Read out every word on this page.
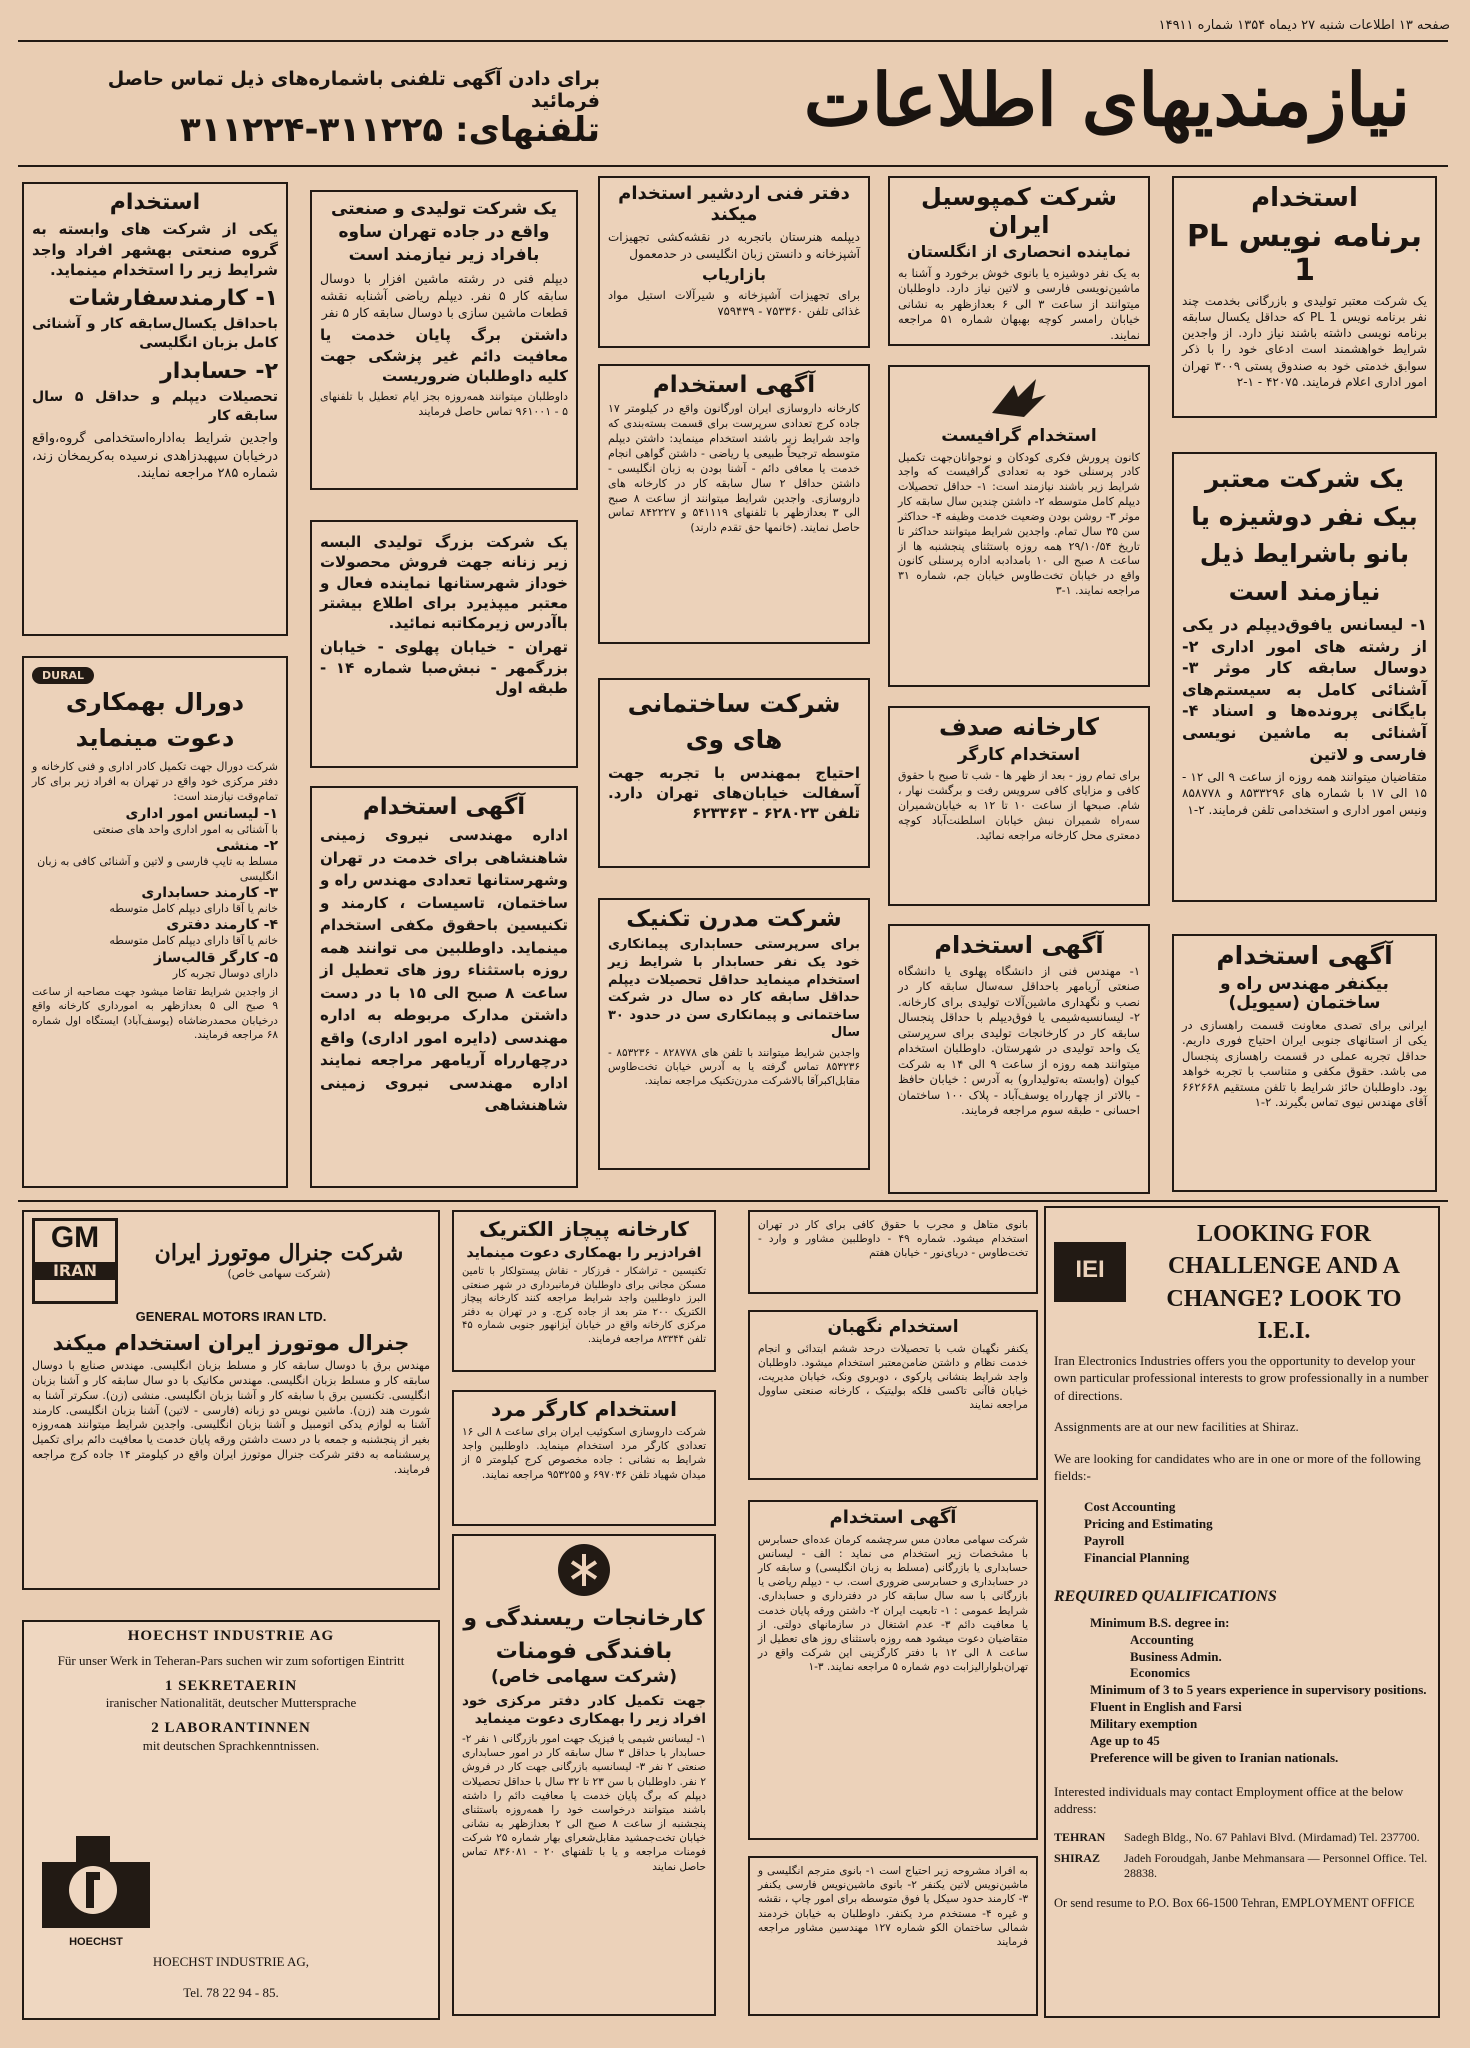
صفحه ۱۳ اطلاعات شنبه ۲۷ دیماه ۱۳۵۴ شماره ۱۴۹۱۱
نیازمندیهای اطلاعات
برای دادن آگهی تلفنی باشماره‌های ذیل تماس حاصل فرمائید
تلفنهای: ۳۱۱۲۲۵-۳۱۱۲۲۴
استخدام
برنامه نویس PL 1
یک شرکت معتبر تولیدی و بازرگانی بخدمت چند نفر برنامه نویس PL 1 که حداقل یکسال سابقه برنامه نویسی داشته باشند نیاز دارد. از واجدین شرایط خواهشمند است ادعای خود را با ذکر سوابق خدمتی خود به صندوق پستی ۳۰۰۹ تهران امور اداری اعلام فرمایند. ۴۲۰۷۵ - ۱-۲
یک شرکت معتبر بیک نفر دوشیزه یا بانو باشرایط ذیل نیازمند است
۱- لیسانس یافوق‌دیپلم در یکی از رشته های امور اداری ۲- دوسال سابقه کار موثر ۳- آشنائی کامل به سیستم‌های بایگانی پرونده‌ها و اسناد ۴- آشنائی به ماشین نویسی فارسی و لاتین
متقاضیان میتوانند همه روزه از ساعت ۹ الی ۱۲ - ۱۵ الی ۱۷ با شماره های ۸۵۳۳۲۹۶ و ۸۵۸۷۷۸ ونیس امور اداری و استخدامی تلفن فرمایند. ۲-۱
آگهی استخدام
بیکنفر مهندس راه و ساختمان (سیویل)
ایرانی برای تصدی معاونت قسمت راهسازی در یکی از استانهای جنوبی ایران احتیاج فوری داریم. حداقل تجربه عملی در قسمت راهسازی پنجسال می باشد. حقوق مکفی و متناسب با تجربه خواهد بود. داوطلبان حائز شرایط با تلفن مستقیم ۶۶۲۶۶۸ آقای مهندس نیوی تماس بگیرند. ۲-۱
شرکت کمپوسیل ایران
نماینده انحصاری از انگلستان
به یک نفر دوشیزه یا بانوی خوش برخورد و آشنا به ماشین‌نویسی فارسی و لاتین نیاز دارد. داوطلبان میتوانند از ساعت ۳ الی ۶ بعدازظهر به نشانی خیابان رامسر کوچه بهبهان شماره ۵۱ مراجعه نمایند.
استخدام گرافیست
کانون پرورش فکری کودکان و نوجوانان‌جهت تکمیل کادر پرسنلی خود به تعدادی گرافیست که واجد شرایط زیر باشند نیازمند است: ۱- حداقل تحصیلات دیپلم کامل متوسطه ۲- داشتن چندین سال سابقه کار موثر ۳- روشن بودن وضعیت خدمت وظیفه ۴- حداکثر سن ۳۵ سال تمام. واجدین شرایط میتوانند حداکثر تا تاریخ ۲۹/۱۰/۵۴ همه روزه باستثنای پنجشنبه ها از ساعت ۸ صبح الی ۱۰ بامدادبه اداره پرسنلی کانون واقع در خیابان تخت‌طاوس خیابان جم، شماره ۳۱ مراجعه نمایند. ۱-۳
کارخانه صدف
استخدام کارگر
برای تمام روز - بعد از ظهر ها - شب تا صبح با حقوق کافی و مزایای کافی سرویس رفت و برگشت نهار ، شام. صبحها از ساعت ۱۰ تا ۱۲ به خیابان‌شمیران سه‌راه شمیران نبش خیابان ‌اسلطنت‌آباد کوچه دمعتری محل کارخانه مراجعه نمائید.
آگهی استخدام
۱- مهندس فنی از دانشگاه پهلوی یا دانشگاه صنعتی آریامهر باحداقل سه‌سال سابقه کار در نصب و نگهداری ماشین‌آلات تولیدی برای کارخانه. ۲- لیسانسیه‌شیمی یا فوق‌دیپلم با حداقل پنجسال سابقه کار در کارخانجات تولیدی برای سرپرستی یک واحد تولیدی در شهرستان. داوطلبان استخدام میتوانند همه روزه از ساعت ۹ الی ۱۴ به شرکت کیوان (وابسته به‌تولیدارو) به آدرس : خیابان حافظ - بالاتر از چهارراه یوسف‌آباد - پلاک ۱۰۰ ساختمان احسانی - طبقه سوم مراجعه فرمایند.
دفتر فنی اردشیر استخدام میکند
دیپلمه هنرستان باتجربه در نقشه‌کشی تجهیزات آشپزخانه و دانستن زبان انگلیسی در حدمعمول
بازاریاب
برای تجهیزات آشپزخانه و شیرآلات استیل مواد غذائی تلفن ۷۵۳۳۶۰ - ۷۵۹۴۳۹
آگهی استخدام
کارخانه داروسازی ایران اورگانون واقع در کیلومتر ۱۷ جاده کرج تعدادی سرپرست برای قسمت بسته‌بندی که واجد شرایط زیر باشند استخدام مینماید: داشتن دیپلم متوسطه ترجیحاً طبیعی یا ریاضی - داشتن گواهی انجام خدمت یا معافی دائم - آشنا بودن به زبان انگلیسی - داشتن حداقل ۲ سال سابقه کار در کارخانه های داروسازی. واجدین شرایط میتوانند از ساعت ۸ صبح الی ۳ بعدازظهر با تلفنهای ۵۴۱۱۱۹ و ۸۴۲۲۲۷ تماس حاصل نمایند. (خانمها حق تقدم دارند)
شرکت ساختمانی های وی
احتیاج بمهندس با تجربه جهت آسفالت خیابان‌ها‌ی تهران دارد. تلفن ۶۲۸۰۲۳ - ۶۲۳۳۶۳
شرکت مدرن تکنیک
برای سرپرستی حسابداری پیمانکاری خود یک نفر حسابدار با شرایط زیر استخدام مینماید حداقل تحصیلات دیپلم حداقل سابقه کار ده سال در شرکت ساختمانی و پیمانکاری سن در حدود ۳۰ سال
واجدین شرایط میتوانند با تلفن های ۸۲۸۷۷۸ - ۸۵۳۲۳۶ - ۸۵۳۲۳۶ تماس گرفته یا به آدرس خیابان تخت‌طاوس مقابل‌اکبرآقا بالاشرکت مدرن‌تکنیک مراجعه نمایند.
یک شرکت تولیدی و صنعتی واقع در جاده تهران ساوه بافراد زیر نیازمند است
دیپلم فنی در رشته ماشین افزار با دوسال سابقه کار ۵ نفر. دیپلم ریاضی آشنابه نقشه قطعات ماشین سازی با دوسال سابقه کار ۵ نفر
داشتن برگ پایان خدمت یا معافیت دائم غیر پزشکی جهت کلیه داوطلبان ضروریست
داوطلبان میتوانند همه‌روزه بجز ایام تعطیل با تلفنهای ۵ - ۹۶۱۰۰۱ تماس حاصل فرمایند
یک شرکت بزرگ تولیدی البسه زیر زنانه جهت فروش محصولات خوداز شهرستانها نماینده فعال و معتبر میپذیرد برای اطلاع بیشتر باآدرس زیرمکاتبه نمائید.
تهران - خیابان پهلوی - خیابان بزرگمهر - نبش‌صبا شماره ۱۴ - طبقه اول
آگهی استخدام
اداره مهندسی نیروی زمینی شاهنشاهی برای خدمت در تهران وشهرستانها تعدادی مهندس راه و ساختمان، تاسیسات ، کارمند و تکنیسین باحقوق مکفی استخدام مینماید. داوطلبین می توانند همه روزه باستثناء روز های تعطیل از ساعت ۸ صبح الی ۱۵ با در دست داشتن مدارک مربوطه به اداره مهندسی (دایره امور اداری) واقع درچهارراه آریامهر مراجعه نمایند اداره مهندسی نیروی زمینی شاهنشاهی
استخدام
یکی از شرکت های وابسته به گروه صنعتی بهشهر افراد واجد شرایط زیر را استخدام مینماید.
۱- کارمندسفارشات
باحداقل یکسال‌سابقه کار و آشنائی کامل بزبان انگلیسی
۲- حسابدار
تحصیلات دیپلم و حداقل ۵ سال سابقه کار
واجدین شرایط به‌اداره‌استخدامی گروه،واقع درخیابان سپهبدزاهدی نرسیده به‌کریمخان زند، شماره ۲۸۵ مراجعه نمایند.
DURAL
دورال بهمکاری دعوت مینماید
شرکت دورال جهت تکمیل کادر اداری و فنی کارخانه و دفتر مرکزی خود واقع در تهران به افراد زیر برای کار تمام‌وقت نیازمند است:
۱- لیسانس امور اداری
با آشنائی به امور اداری واحد های صنعتی
۲- منشی
مسلط به تایپ فارسی و لاتین و آشنائی کافی به زبان انگلیسی
۳- کارمند حسابداری
خانم یا آقا دارای دیپلم کامل متوسطه
۴- کارمند دفتری
خانم یا آقا دارای دیپلم کامل متوسطه
۵- کارگر قالب‌ساز
دارای دوسال تجربه کار
از واجدین شرایط تقاضا میشود جهت مصاحبه از ساعت ۹ صبح الی ۵ بعدازظهر به امورداری کارخانه واقع درخیابان محمدرضاشاه (یوسف‌آباد) ایستگاه اول شماره ۶۸ مراجعه فرمایند.
GM
IRAN
شرکت جنرال موتورز ایران
(شرکت سهامی خاص)
GENERAL MOTORS IRAN LTD.
جنرال موتورز ایران استخدام میکند
مهندس برق با دوسال سابقه کار و مسلط بزبان انگلیسی. مهندس صنایع با دوسال سابقه کار و مسلط بزبان انگلیسی. مهندس مکانیک با دو سال سابقه کار و آشنا بزبان انگلیسی. تکنسین برق با سابقه کار و آشنا بزبان انگلیسی. منشی (زن). سکرتر آشنا به شورت هند (زن). ماشین نویس دو زبانه (فارسی - لاتین) آشنا بزبان انگلیسی. کارمند آشنا به لوازم یدکی اتومبیل و آشنا بزبان انگلیسی. واجدین شرایط میتوانند همه‌روزه بغیر از پنجشنبه و جمعه با در دست داشتن ورقه پایان خدمت یا معافیت دائم برای تکمیل پرسشنامه به دفتر شرکت جنرال موتورز ایران واقع در کیلومتر ۱۴ جاده کرج مراجعه فرمایند.
HOECHST INDUSTRIE AG
Für unser Werk in Teheran-Pars suchen wir zum sofortigen Eintritt
1 SEKRETAERIN
iranischer Nationalität, deutscher Muttersprache
2 LABORANTINNEN
mit deutschen Sprachkenntnissen.
HOECHST
HOECHST INDUSTRIE AG,
Tel. 78 22 94 - 85.
کارخانه پیچاز الکتریک
افرادزیر را بهمکاری دعوت مینماید
تکنیسین - تراشکار - فرزکار - نقاش پیستولکار با تامین مسکن مجانی برای داوطلبان فرمانبرداری در شهر صنعتی البرز داوطلبین واجد شرایط مراجعه کنند کارخانه پیچاز الکتریک ۲۰۰ متر بعد از جاده کرج. و در تهران به دفتر مرکزی کارخانه واقع در خیابان آیزانهور جنوبی شماره ۴۵ تلفن ۸۳۳۴۴ مراجعه فرمایند.
استخدام کارگر مرد
شرکت داروسازی اسکوئیب ایران برای ساعت ۸ الی ۱۶ تعدادی کارگر مرد استخدام مینماید. داوطلبین واجد شرایط به نشانی : جاده مخصوص کرج کیلومتر ۵ از میدان شهیاد تلفن ۶۹۷۰۳۶ و ۹۵۳۲۵۵ مراجعه نمایند.
کارخانجات ریسندگی و بافندگی فومنات
(شرکت سهامی خاص)
جهت تکمیل کادر دفتر مرکزی خود افراد زیر را بهمکاری دعوت مینماید
۱- لیسانس شیمی یا فیزیک جهت امور بازرگانی ۱ نفر ۲- حسابدار با حداقل ۳ سال سابقه کار در امور حسابداری صنعتی ۲ نفر ۳- لیسانسیه بازرگانی جهت کار در فروش ۲ نفر. داوطلبان با سن ۲۳ تا ۳۲ سال با حداقل تحصیلات دیپلم که برگ پایان خدمت یا معافیت دائم را داشته باشند میتوانند درخواست خود را همه‌روزه باستثنای پنجشنبه از ساعت ۸ صبح الی ۲ بعدازظهر به نشانی خیابان تخت‌جمشید مقابل‌شعرای بهار شماره ۲۵ شرکت فومنات مراجعه و یا با تلفنهای ۲۰ - ۸۳۶۰۸۱ تماس حاصل نمایند
بانوی متاهل و مجرب با حقوق کافی برای کار در تهران استخدام میشود. شماره ۴۹ - داوطلبین مشاور و وارد - تخت‌طاوس - دریای‌نور - خیابان هفتم
استخدام نگهبان
یکنفر نگهبان شب با تحصیلات درحد ششم ابتدائی و انجام خدمت نظام و داشتن ضامن‌معتبر استخدام میشود. داوطلبان واجد شرایط بنشانی پارکوی ، دوبروی ونک، خیابان مدیریت، خیابان قاآنی تاکسی فلکه بولیتیک ، کارخانه صنعتی ساوول مراجعه نمایند
آگهی استخدام
شرکت سهامی معادن مس سرچشمه کرمان عده‌ای حسابرس با مشخصات زیر استخدام می نماید : الف - لیسانس حسابداری یا بازرگانی (مسلط به زبان انگلیسی) و سابقه کار در حسابداری و حسابرسی ضروری است. ب - دیپلم ریاضی یا بازرگانی با سه سال سابقه کار در دفترداری و حسابداری. شرایط عمومی : ۱- تابعیت ایران ۲- داشتن ورقه پایان خدمت یا معافیت دائم ۳- عدم اشتغال در سازمانهای دولتی. از متقاضیان دعوت میشود همه روزه باستثنای روز های تعطیل از ساعت ۸ الی ۱۲ با دفتر کارگزینی این شرکت واقع در تهران‌بلوار‌الیزابت دوم شماره ۵ مراجعه نمایند. ۳-۱
به افراد مشروحه زیر احتیاج است ۱- بانوی مترجم انگلیسی و ماشین‌نویس لاتین یکنفر ۲- بانوی ماشین‌نویس فارسی یکنفر ۳- کارمند حدود سیکل یا فوق متوسطه برای امور چاپ ، نقشه و غیره ۴- مستخدم مرد یکنفر. داوطلبان به خیابان خردمند شمالی ساختمان الکو شماره ۱۲۷ مهندسین مشاور مراجعه فرمایند
IEI
LOOKING FOR CHALLENGE AND A CHANGE? LOOK TO I.E.I.
Iran Electronics Industries offers you the opportunity to develop your own particular professional interests to grow professionally in a number of directions.
Assignments are at our new facilities at Shiraz.
We are looking for candidates who are in one or more of the following fields:-
Cost Accounting
Pricing and Estimating
Payroll
Financial Planning
REQUIRED QUALIFICATIONS
Minimum B.S. degree in:
Accounting
Business Admin.
Economics
Minimum of 3 to 5 years experience in supervisory positions.
Fluent in English and Farsi
Military exemption
Age up to 45
Preference will be given to Iranian nationals.
Interested individuals may contact Employment office at the below address:
TEHRAN	Sadegh Bldg., No. 67 Pahlavi Blvd. (Mirdamad) Tel. 237700.
SHIRAZ	Jadeh Foroudgah, Janbe Mehmansara — Personnel Office. Tel. 28838.
Or send resume to P.O. Box 66-1500 Tehran, EMPLOYMENT OFFICE
